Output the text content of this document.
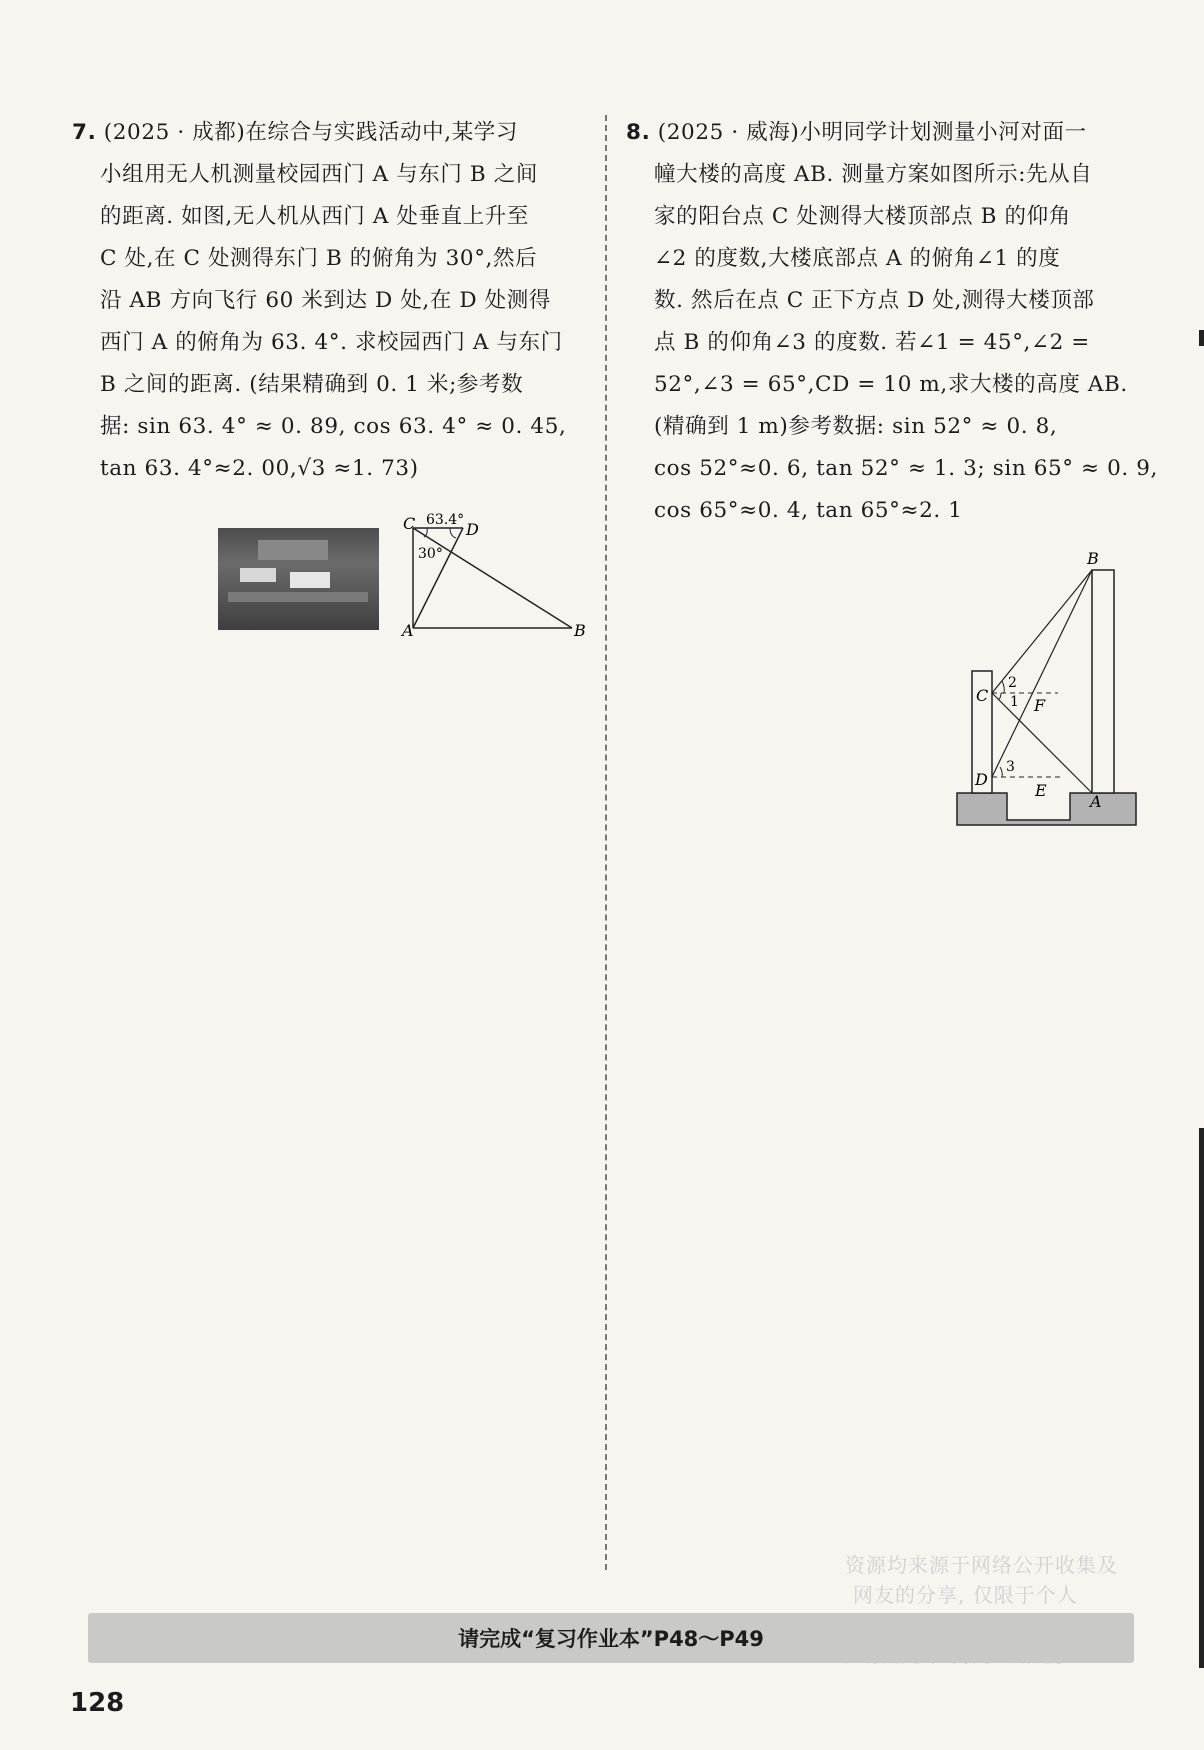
7. (2025 · 成都)在综合与实践活动中,某学习
小组用无人机测量校园西门 A 与东门 B 之间
的距离. 如图,无人机从西门 A 处垂直上升至
C 处,在 C 处测得东门 B 的俯角为 30°,然后
沿 AB 方向飞行 60 米到达 D 处,在 D 处测得
西门 A 的俯角为 63. 4°. 求校园西门 A 与东门
B 之间的距离. (结果精确到 0. 1 米;参考数
据: sin 63. 4° ≈ 0. 89, cos 63. 4° ≈ 0. 45,
tan 63. 4°≈2. 00,√3 ≈1. 73)
C	D
A	B
63.4°
30°
8. (2025 · 威海)小明同学计划测量小河对面一
幢大楼的高度 AB. 测量方案如图所示:先从自
家的阳台点 C 处测得大楼顶部点 B 的仰角
∠2 的度数,大楼底部点 A 的俯角∠1 的度
数. 然后在点 C 正下方点 D 处,测得大楼顶部
点 B 的仰角∠3 的度数. 若∠1 = 45°,∠2 =
52°,∠3 = 65°,CD = 10 m,求大楼的高度 AB.
(精确到 1 m)参考数据: sin 52° ≈ 0. 8,
cos 52°≈0. 6, tan 52° ≈ 1. 3; sin 65° ≈ 0. 9,
cos 65°≈0. 4, tan 65°≈2. 1
B
C
F
D
E
A
2
1
3
资源均来源于网络公开收集及
网友的分享, 仅限于个人
请完成“复习作业本”P48～P49
128
